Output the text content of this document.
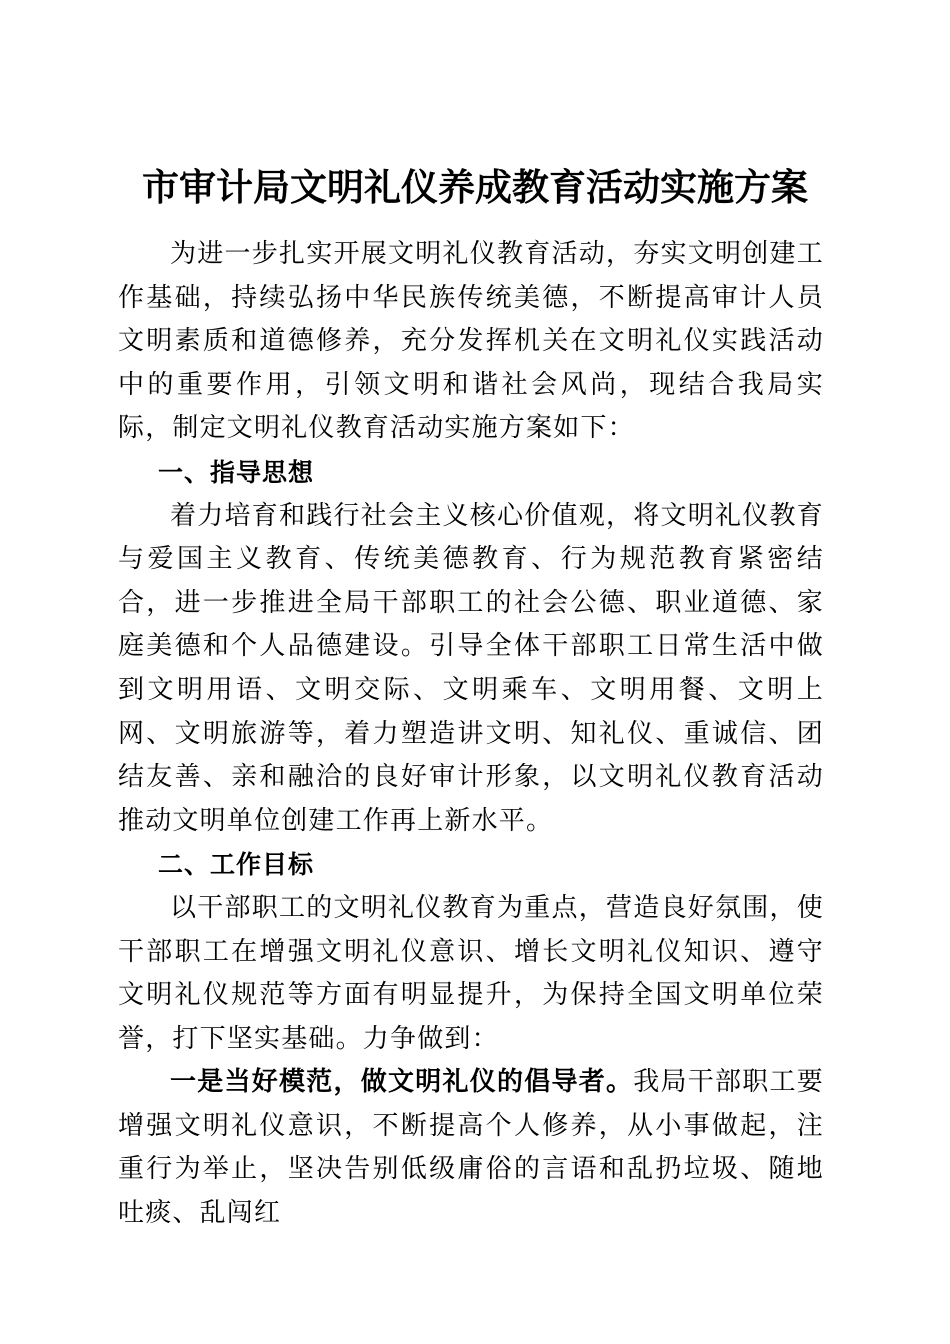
市审计局文明礼仪养成教育活动实施方案

为进一步扎实开展文明礼仪教育活动，夯实文明创建工作基础，持续弘扬中华民族传统美德，不断提高审计人员文明素质和道德修养，充分发挥机关在文明礼仪实践活动中的重要作用，引领文明和谐社会风尚，现结合我局实际，制定文明礼仪教育活动实施方案如下：

一、指导思想

着力培育和践行社会主义核心价值观，将文明礼仪教育与爱国主义教育、传统美德教育、行为规范教育紧密结合，进一步推进全局干部职工的社会公德、职业道德、家庭美德和个人品德建设。引导全体干部职工日常生活中做到文明用语、文明交际、文明乘车、文明用餐、文明上网、文明旅游等，着力塑造讲文明、知礼仪、重诚信、团结友善、亲和融洽的良好审计形象，以文明礼仪教育活动推动文明单位创建工作再上新水平。

二、工作目标

以干部职工的文明礼仪教育为重点，营造良好氛围，使干部职工在增强文明礼仪意识、增长文明礼仪知识、遵守文明礼仪规范等方面有明显提升，为保持全国文明单位荣誉，打下坚实基础。力争做到：

一是当好模范，做文明礼仪的倡导者。我局干部职工要增强文明礼仪意识，不断提高个人修养，从小事做起，注重行为举止，坚决告别低级庸俗的言语和乱扔垃圾、随地吐痰、乱闯红
